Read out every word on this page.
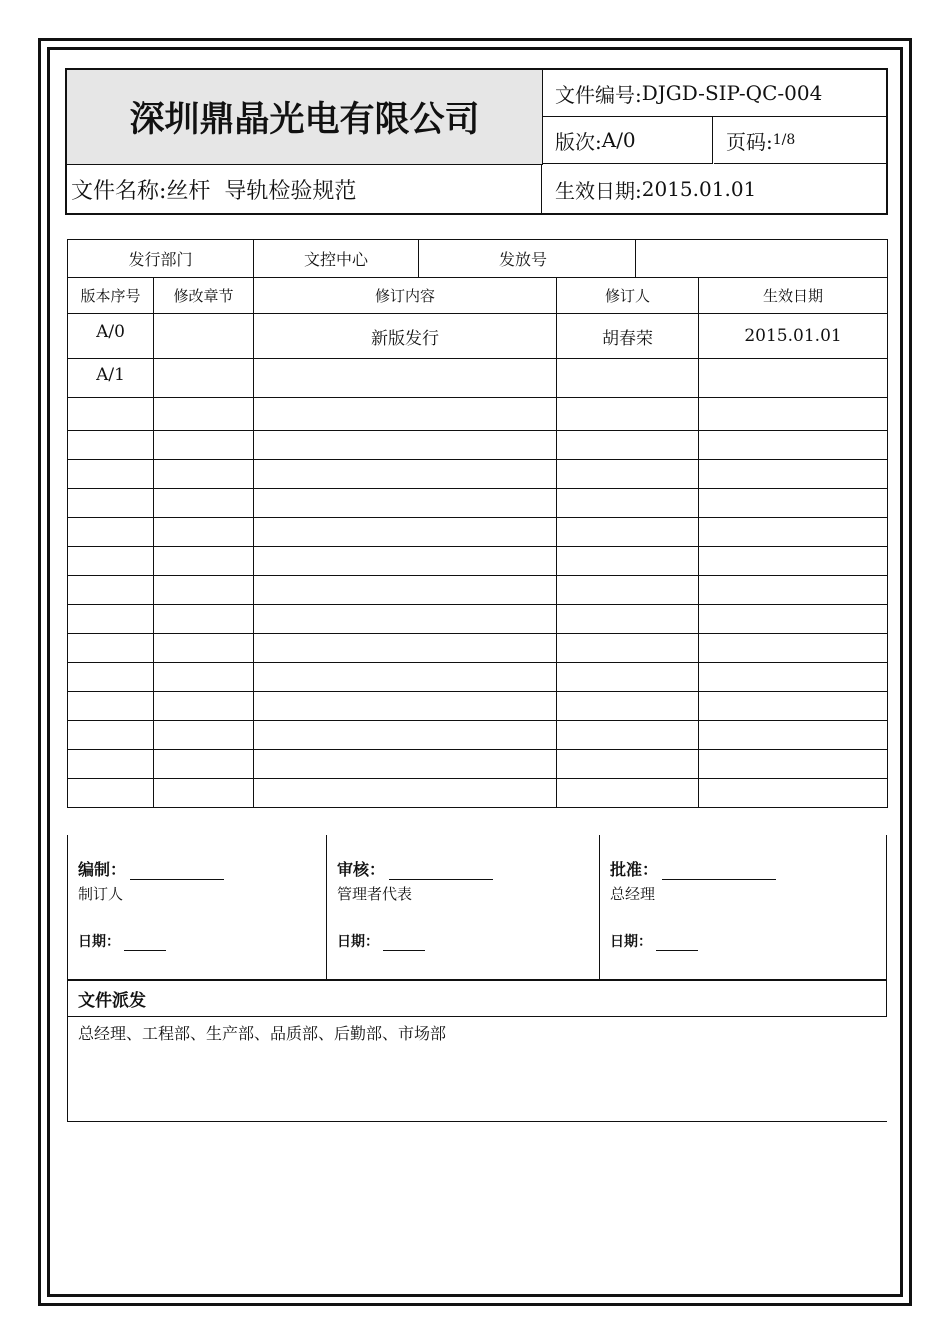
深圳鼎晶光电有限公司
文件编号: DJGD-SIP-QC-004
版次: A/0	页码: 1/8
文件名称: 丝杆  导轨检验规范	生效日期: 2015.01.01
发行部门		文控中心	发放号			
版本序号	修改章节	修订内容		修订人		生效日期
A/0		新版发行		胡春荣		2015.01.01
A/1						

编制：
制订人
日期：
审核：
管理者代表
日期：
批准：
总经理
日期：
文件派发
总经理、工程部、生产部、品质部、后勤部、市场部
